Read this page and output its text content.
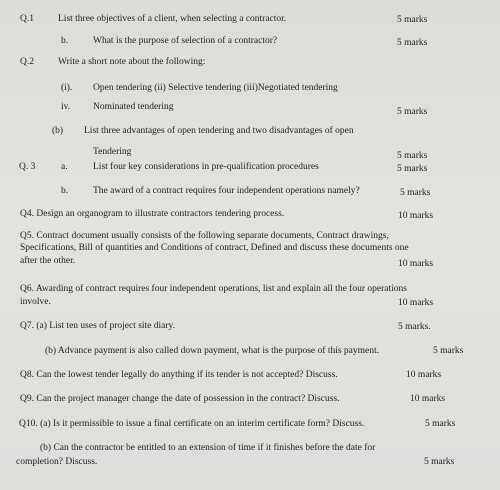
Q.1	List three objectives of a client, when selecting a contractor.	5 marks
b.	What is the purpose of selection of a contractor?	5 marks
Q.2	Write a short note about the following:
(i). Open tendering (ii) Selective tendering (iii)Negotiated tendering
iv. Nominated tendering	5 marks
(b) List three advantages of open tendering and two disadvantages of open
Tendering	5 marks
Q. 3	a.	List four key considerations in pre-qualification procedures	5 marks
b.	The award of a contract requires four independent operations namely?	5 marks
Q4. Design an organogram to illustrate contractors tendering process.	10 marks
Q5. Contract document usually consists of the following separate documents, Contract drawings,
Specifications, Bill of quantities and Conditions of contract, Defined and discuss these documents one
after the other.	10 marks
Q6. Awarding of contract requires four independent operations, list and explain all the four operations
involve.	10 marks
Q7. (a) List ten uses of project site diary.	5 marks.
(b) Advance payment is also called down payment, what is the purpose of this payment.	5 marks
Q8. Can the lowest tender legally do anything if its tender is not accepted? Discuss.	10 marks
Q9. Can the project manager change the date of possession in the contract? Discuss.	10 marks
Q10. (a) Is it permissible to issue a final certificate on an interim certificate form? Discuss.	5 marks
(b) Can the contractor be entitled to an extension of time if it finishes before the date for
completion? Discuss.	5 marks
